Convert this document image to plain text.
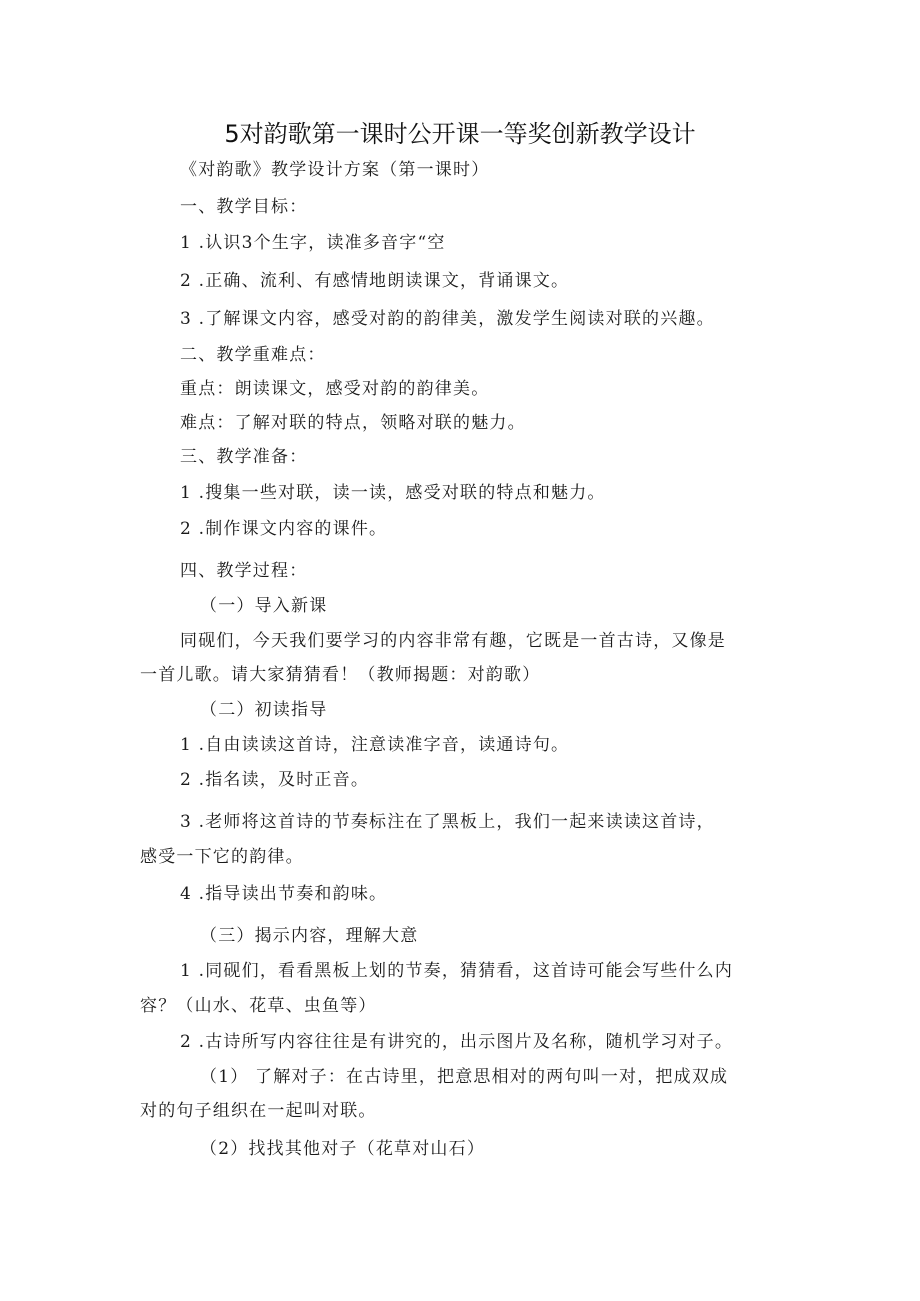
5对韵歌第一课时公开课一等奖创新教学设计
《对韵歌》教学设计方案（第一课时）
一、教学目标：
1 .认识3个生字，读准多音字“空
2 .正确、流利、有感情地朗读课文，背诵课文。
3 .了解课文内容，感受对韵的韵律美，激发学生阅读对联的兴趣。
二、教学重难点：
重点：朗读课文，感受对韵的韵律美。
难点：了解对联的特点，领略对联的魅力。
三、教学准备：
1 .搜集一些对联，读一读，感受对联的特点和魅力。
2 .制作课文内容的课件。
四、教学过程：
（一）导入新课
同砚们，今天我们要学习的内容非常有趣，它既是一首古诗，又像是
一首儿歌。请大家猜猜看！（教师揭题：对韵歌）
（二）初读指导
1 .自由读读这首诗，注意读准字音，读通诗句。
2 .指名读，及时正音。
3 .老师将这首诗的节奏标注在了黑板上，我们一起来读读这首诗，
感受一下它的韵律。
4 .指导读出节奏和韵味。
（三）揭示内容，理解大意
1 .同砚们，看看黑板上划的节奏，猜猜看，这首诗可能会写些什么内
容？（山水、花草、虫鱼等）
2 .古诗所写内容往往是有讲究的，出示图片及名称，随机学习对子。
（1） 了解对子：在古诗里，把意思相对的两句叫一对，把成双成
对的句子组织在一起叫对联。
（2）找找其他对子（花草对山石）
